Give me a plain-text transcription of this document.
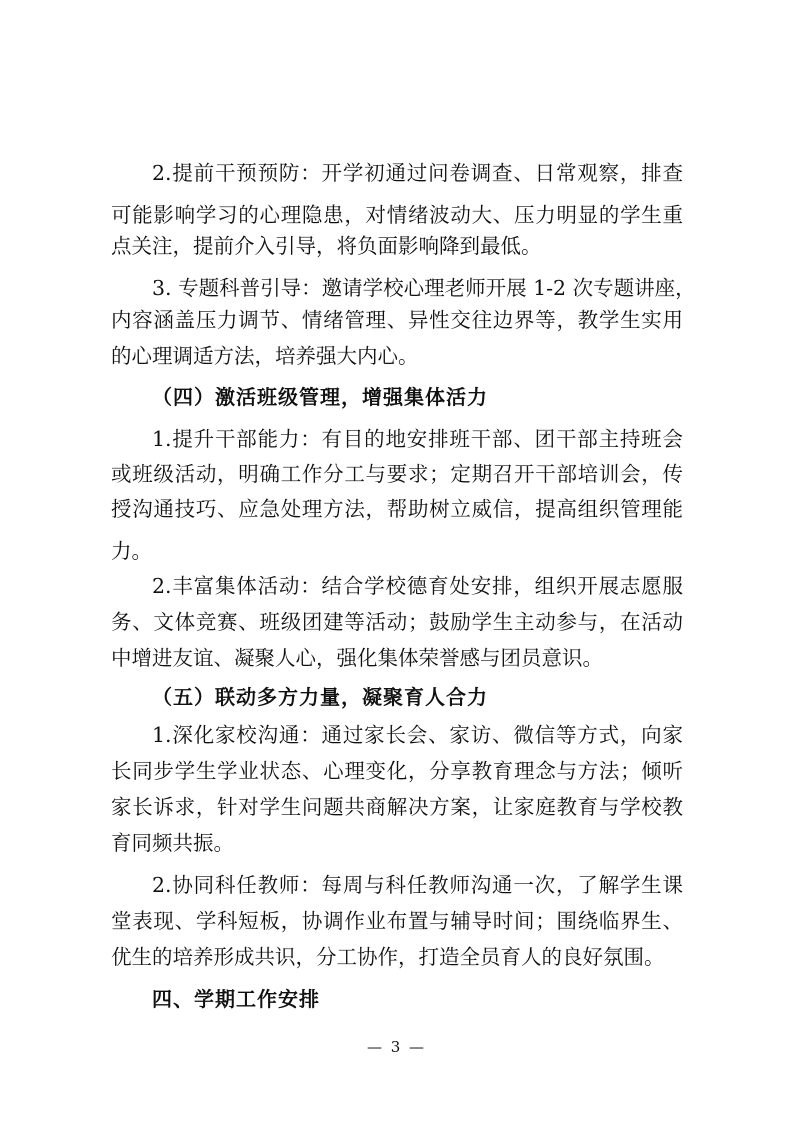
2.提前干预预防：开学初通过问卷调查、日常观察，排查
可能影响学习的心理隐患，对情绪波动大、压力明显的学生重
点关注，提前介入引导，将负面影响降到最低。
3. 专题科普引导：邀请学校心理老师开展 1-2 次专题讲座，
内容涵盖压力调节、情绪管理、异性交往边界等，教学生实用
的心理调适方法，培养强大内心。
（四）激活班级管理，增强集体活力
1.提升干部能力：有目的地安排班干部、团干部主持班会
或班级活动，明确工作分工与要求；定期召开干部培训会，传
授沟通技巧、应急处理方法，帮助树立威信，提高组织管理能
力。
2.丰富集体活动：结合学校德育处安排，组织开展志愿服
务、文体竞赛、班级团建等活动；鼓励学生主动参与，在活动
中增进友谊、凝聚人心，强化集体荣誉感与团员意识。
（五）联动多方力量，凝聚育人合力
1.深化家校沟通：通过家长会、家访、微信等方式，向家
长同步学生学业状态、心理变化，分享教育理念与方法；倾听
家长诉求，针对学生问题共商解决方案，让家庭教育与学校教
育同频共振。
2.协同科任教师：每周与科任教师沟通一次，了解学生课
堂表现、学科短板，协调作业布置与辅导时间；围绕临界生、
优生的培养形成共识，分工协作，打造全员育人的良好氛围。
四、学期工作安排
— 3 —
